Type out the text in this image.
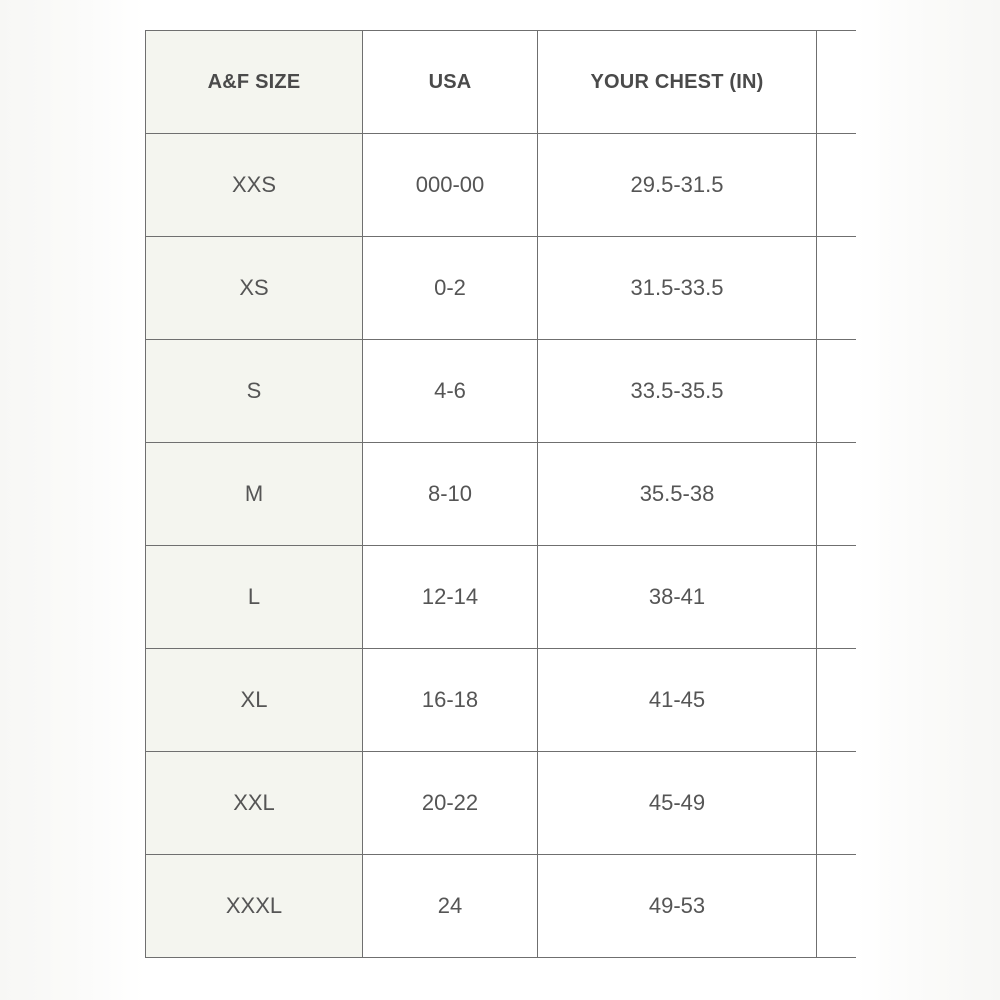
A&F SIZE	USA	YOUR CHEST (IN)	
XXS	000-00	29.5-31.5	
XS	0-2	31.5-33.5	
S	4-6	33.5-35.5	
M	8-10	35.5-38	
L	12-14	38-41	
XL	16-18	41-45	
XXL	20-22	45-49	
XXXL	24	49-53	
